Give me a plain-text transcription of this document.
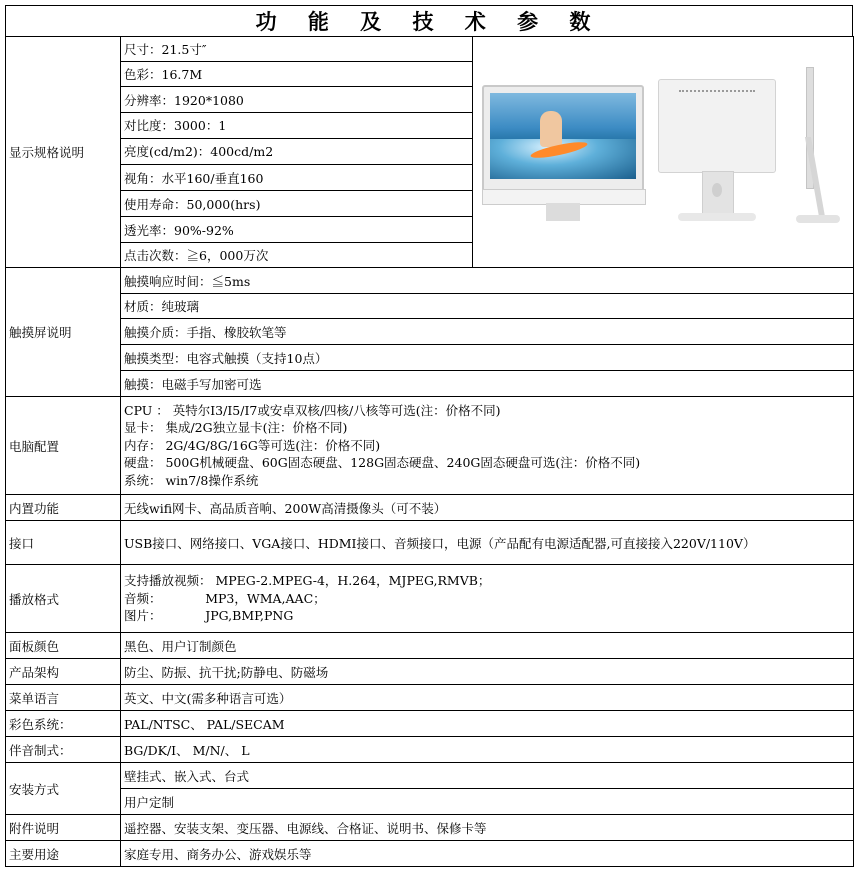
功 能 及 技 术 参 数
显示规格说明	尺寸：21.5寸″	

	色彩：16.7M	
	分辨率：1920*1080	
	对比度：3000：1	
	亮度(cd/m2)：400cd/m2	
	视角：水平160/垂直160	
	使用寿命：50,000(hrs)	
	透光率：90%-92%	
	点击次数：≧6，000万次	
触摸屏说明	触摸响应时间：≦5ms	
	材质：纯玻璃	
	触摸介质：手指、橡胶软笔等	
	触摸类型：电容式触摸（支持10点）	
	触摸：电磁手写加密可选	
电脑配置	CPU ： 英特尔I3/I5/I7或安卓双核/四核/八核等可选(注：价格不同)
显卡： 集成/2G独立显卡(注：价格不同)
内存： 2G/4G/8G/16G等可选(注：价格不同)
硬盘： 500G机械硬盘、60G固态硬盘、128G固态硬盘、240G固态硬盘可选(注：价格不同)
系统： win7/8操作系统	

内置功能	无线wifi网卡、高品质音响、200W高清摄像头（可不装）	
接口	USB接口、网络接口、VGA接口、HDMI接口、音频接口，电源（产品配有电源适配器,可直接接入220V/110V）	
播放格式	支持播放视频： MPEG-2.MPEG-4，H.264，MJPEG,RMVB；
音频：           MP3，WMA,AAC；
图片：           JPG,BMP,PNG	

面板颜色	黑色、用户订制颜色	
产品架构	防尘、防振、抗干扰;防静电、防磁场	
菜单语言	英文、中文(需多种语言可选）	
彩色系统：	PAL/NTSC、 PAL/SECAM	
伴音制式：	BG/DK/I、 M/N/、 L	
安装方式	壁挂式、嵌入式、台式	
	用户定制	
附件说明	遥控器、安装支架、变压器、电源线、合格证、说明书、保修卡等	
主要用途	家庭专用、商务办公、游戏娱乐等	
